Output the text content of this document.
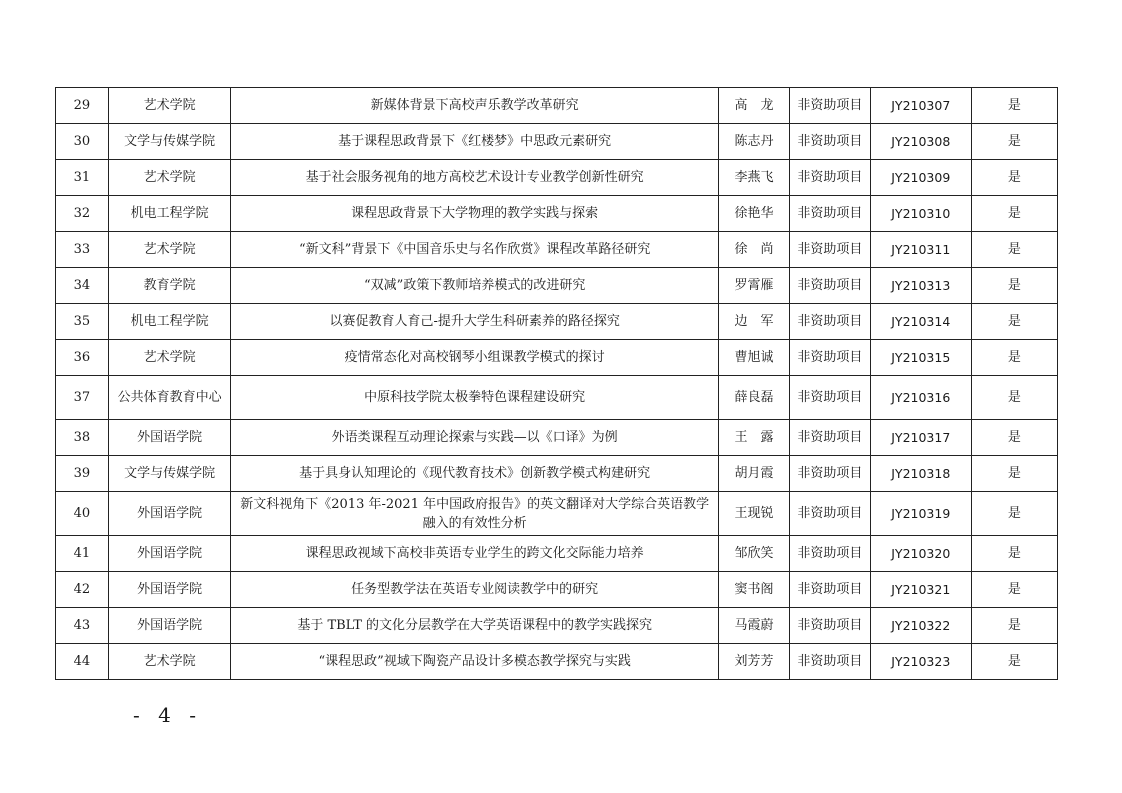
29	艺术学院	新媒体背景下高校声乐教学改革研究	高　龙	非资助项目	JY210307	是
30	文学与传媒学院	基于课程思政背景下《红楼梦》中思政元素研究	陈志丹	非资助项目	JY210308	是
31	艺术学院	基于社会服务视角的地方高校艺术设计专业教学创新性研究	李燕飞	非资助项目	JY210309	是
32	机电工程学院	课程思政背景下大学物理的教学实践与探索	徐艳华	非资助项目	JY210310	是
33	艺术学院	“新文科”背景下《中国音乐史与名作欣赏》课程改革路径研究	徐　尚	非资助项目	JY210311	是
34	教育学院	“双减”政策下教师培养模式的改进研究	罗霄雁	非资助项目	JY210313	是
35	机电工程学院	以赛促教育人育己-提升大学生科研素养的路径探究	边　军	非资助项目	JY210314	是
36	艺术学院	疫情常态化对高校钢琴小组课教学模式的探讨	曹旭诚	非资助项目	JY210315	是
37	公共体育教育中心	中原科技学院太极拳特色课程建设研究	薛良磊	非资助项目	JY210316	是
38	外国语学院	外语类课程互动理论探索与实践—以《口译》为例	王　露	非资助项目	JY210317	是
39	文学与传媒学院	基于具身认知理论的《现代教育技术》创新教学模式构建研究	胡月霞	非资助项目	JY210318	是
40	外国语学院	新文科视角下《2013 年-2021 年中国政府报告》的英文翻译对大学综合英语教学融入的有效性分析	王现锐	非资助项目	JY210319	是
41	外国语学院	课程思政视域下高校非英语专业学生的跨文化交际能力培养	邹欣笑	非资助项目	JY210320	是
42	外国语学院	任务型教学法在英语专业阅读教学中的研究	窦书阁	非资助项目	JY210321	是
43	外国语学院	基于 TBLT 的文化分层教学在大学英语课程中的教学实践探究	马霞蔚	非资助项目	JY210322	是
44	艺术学院	“课程思政”视域下陶瓷产品设计多模态教学探究与实践	刘芳芳	非资助项目	JY210323	是
- 4 -
